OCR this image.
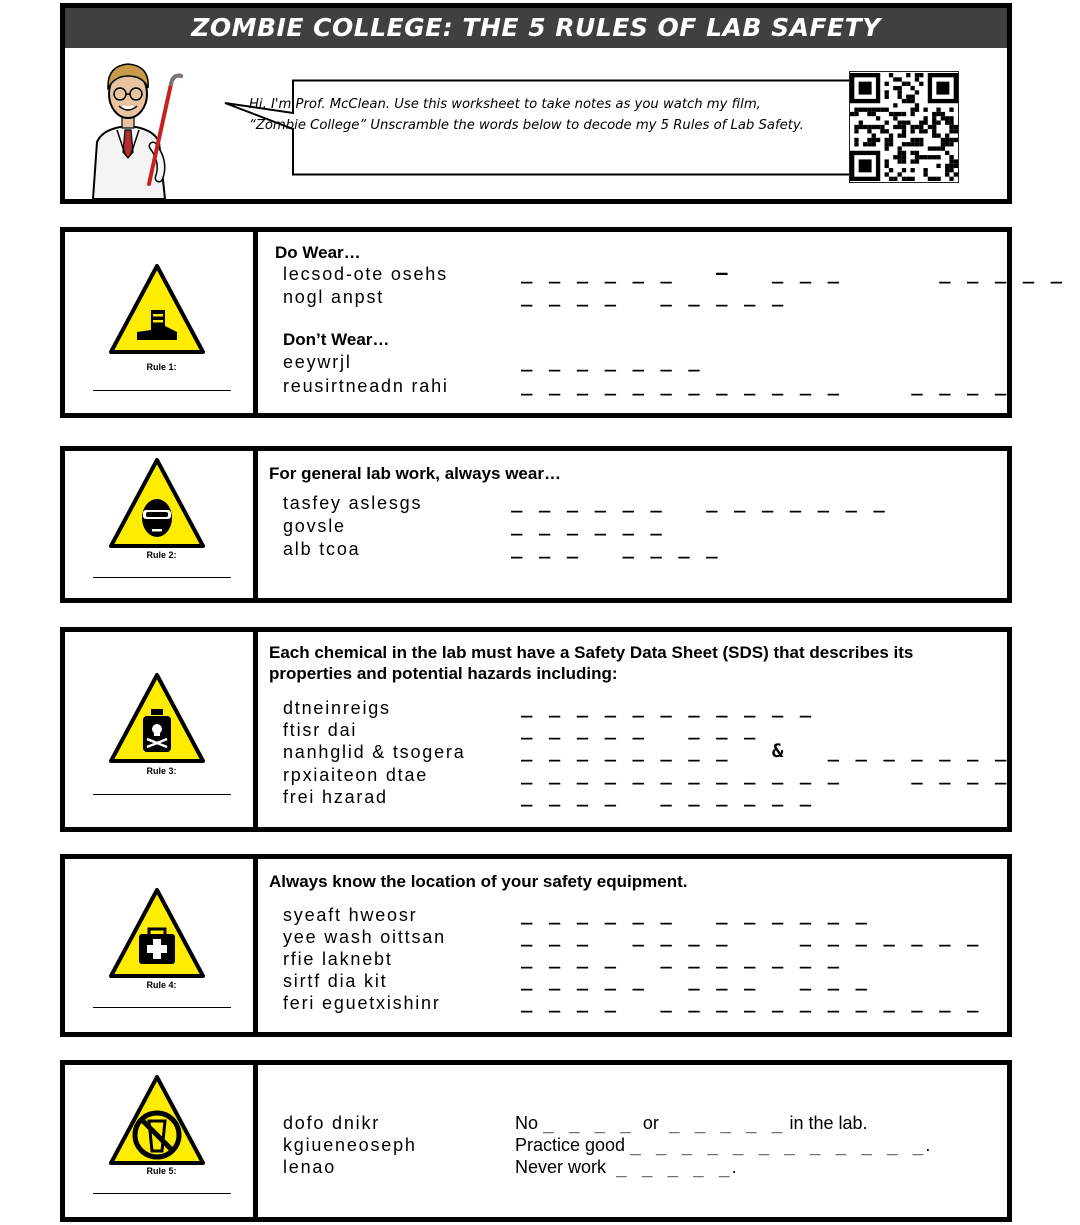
ZOMBIE COLLEGE: THE 5 RULES OF LAB SAFETY
Hi, I'm Prof. McClean. Use this worksheet to take notes as you watch my film, “Zombie College” Unscramble the words below to decode my 5 Rules of Lab Safety.
Rule 1:
Do Wear…
lecsod-ote osehs	_ _ _ _ _ _   –   _ _ _       _ _ _ _ _
nogl anpst	_ _ _ _   _ _ _ _ _
Don’t Wear…
eeywrjl	_ _ _ _ _ _ _
reusirtneadn rahi	_ _ _ _ _ _ _ _ _ _ _ _     _ _ _ _
Rule 2:
For general lab work, always wear…
tasfey aslesgs	_ _ _ _ _ _   _ _ _ _ _ _ _
govsle	_ _ _ _ _ _
alb tcoa	_ _ _   _ _ _ _
Rule 3:
Each chemical in the lab must have a Safety Data Sheet (SDS) that describes its properties and potential hazards including:
dtneinreigs	_ _ _ _ _ _ _ _ _ _ _
ftisr dai	_ _ _ _ _   _ _ _
nanhglid & tsogera	_ _ _ _ _ _ _ _   &   _ _ _ _ _ _ _
rpxiaiteon dtae	_ _ _ _ _ _ _ _ _ _ _ _     _ _ _ _
frei hzarad	_ _ _ _   _ _ _ _ _ _
Rule 4:
Always know the location of your safety equipment.
syeaft hweosr	_ _ _ _ _ _   _ _ _ _ _ _
yee wash oittsan	_ _ _   _ _ _ _     _ _ _ _ _ _ _
rfie laknebt	_ _ _ _   _ _ _ _ _ _ _
sirtf dia kit	_ _ _ _ _   _ _ _   _ _ _
feri eguetxishinr	_ _ _ _   _ _ _ _ _ _ _ _ _ _ _ _
Rule 5:
dofo dnikr	No _ _ _ _  or  _ _ _ _ _ in the lab.
kgiueneoseph	Practice good _ _ _ _ _ _ _ _ _ _ _ _.
lenao	Never work  _ _ _ _ _.
